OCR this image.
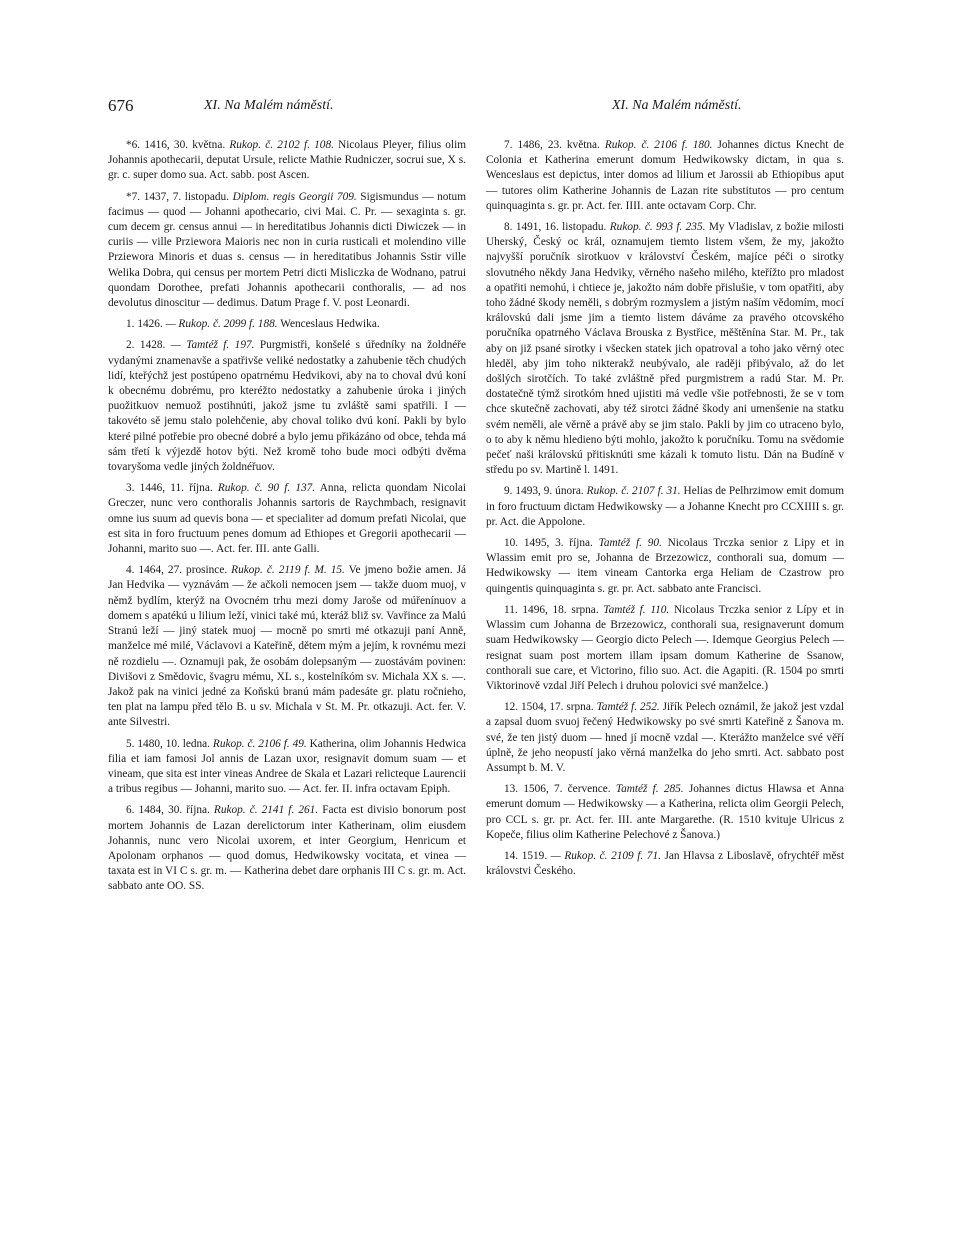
676	XI. Na Malém náměstí.	XI. Na Malém náměstí.

*6. 1416, 30. května. Rukop. č. 2102 f. 108. Nicolaus Pleyer, filius olim Johannis apothecarii, deputat Ursule, relicte Mathie Rudniczer, socrui sue, X s. gr. c. super domo sua. Act. sabb. post Ascen.

*7. 1437, 7. listopadu. Diplom. regis Georgii 709. Sigismundus — notum facimus — quod — Johanni apothecario, civi Mai. C. Pr. — sexaginta s. gr. cum decem gr. census annui — in hereditatibus Johannis dicti Diwiczek — in curiis — ville Przіewora Maioris nec non in curia rusticali et molendino ville Przіewora Minoris et duas s. census — in hereditatibus Johannis Sstir ville Welika Dobra, qui census per mortem Petri dicti Misliczka de Wodnano, patrui quondam Dorothee, prefati Johannis apothecarii conthoralis, — ad nos devolutus dinoscitur — dedimus. Datum Prage f. V. post Leonardi.

1. 1426. — Rukop. č. 2099 f. 188. Wenceslaus Hedwika.

2. 1428. — Tamtéž f. 197. Purgmistři, konšelé s úředníky na žoldnéře vydanými znamenavše a spatřivše veliké nedostatky a zahubenie těch chudých lidí, kteřýchž jest postúpeno opatrnému Hedvikovi, aby na to choval dvú koní k obecnému dobrému, pro kteréžto nedostatky a zahubenie úroka i jiných puožitkuov nemuož postihnúti, jakož jsme tu zvláště sami spatřili. I — takovéto sě jemu stalo polehčenie, aby choval toliko dvú koní. Pakli by bylo které pilné potřebie pro obecné dobré a bylo jemu přikázáno od obce, tehda má sám třetí k výjezdě hotov býti. Než kromě toho bude moci odbýti dvěma tovaryšoma vedle jiných žoldnéřuov.

3. 1446, 11. října. Rukop. č. 90 f. 137. Anna, relicta quondam Nicolai Greczer, nunc vero conthoralis Johannis sartoris de Raychmbach, resignavit omne ius suum ad quevis bona — et specialiter ad domum prefati Nicolai, que est sita in foro fructuum penes domum ad Ethiopes et Gregorii apothecarii — Johanni, marito suo —. Act. fer. III. ante Galli.

4. 1464, 27. prosince. Rukop. č. 2119 f. M. 15. Ve jmeno božie amen. Já Jan Hedvika — vyznávám — že ačkoli nemocen jsem — takže duom muoj, v němž bydlím, kterýž na Ovocném trhu mezi domy Jaroše od múřenínuov a domem s apatékú u lilium leží, vinici také mú, kteráž bliž sv. Vavřince za Malú Stranú leží — jiný statek muoj — mocně po smrti mé otkazuji paní Anně, manželce mé milé, Václavovi a Kateřině, dětem mým a jejím, k rovnému mezi ně rozdielu —. Oznamuji pak, že osobám dolepsaným — zuostávám povinen: Divišovi z Smědovic, švagru mému, XL s., kostelníkóm sv. Michala XX s. —. Jakož pak na vinici jedné za Koňskú branú mám padesáte gr. platu ročnieho, ten plat na lampu před tělo B. u sv. Michala v St. M. Pr. otkazuji. Act. fer. V. ante Silvestri.

5. 1480, 10. ledna. Rukop. č. 2106 f. 49. Katherina, olim Johannis Hedwica filia et iam famosi Jol annis de Lazan uxor, resignavit domum suam — et vineam, que sita est inter vineas Andree de Skala et Lazari relicteque Laurencii a tribus regibus — Johanni, marito suo. — Act. fer. II. infra octavam Epiph.

6. 1484, 30. října. Rukop. č. 2141 f. 261. Facta est divisio bonorum post mortem Johannis de Lazan derelictorum inter Katherinam, olim eiusdem Johannis, nunc vero Nicolai uxorem, et inter Georgium, Henricum et Apolonam orphanos — quod domus, Hedwikowsky vocitata, et vinea — taxata est in VI C s. gr. m. — Katherina debet dare orphanis III C s. gr. m. Act. sabbato ante OO. SS.

7. 1486, 23. května. Rukop. č. 2106 f. 180. Johannes dictus Knecht de Colonia et Katherina emerunt domum Hedwikowsky dictam, in qua s. Wenceslaus est depictus, inter domos ad lilium et Jarossii ab Ethiopibus aput — tutores olim Katherine Johannis de Lazan rite substitutos — pro centum quinquaginta s. gr. pr. Act. fer. IIII. ante octavam Corp. Chr.

8. 1491, 16. listopadu. Rukop. č. 993 f. 235. My Vladislav, z božie milosti Uherský, Český oc král, oznamujem tiemto listem všem, že my, jakožto najvyšší poručník sirotkuov v království Českém, majíce péči o sirotky slovutného někdy Jana Hedviky, věrného našeho milého, kteřížto pro mladost a opatřiti nemohú, i chtiece je, jakožto nám dobře přislušie, v tom opatřiti, aby toho žádné škody neměli, s dobrým rozmyslem a jistým naším vědomím, mocí královskú dali jsme jim a tiemto listem dáváme za pravého otcovského poručníka opatrného Václava Brouska z Bystřice, měštěnína Star. M. Pr., tak aby on již psané sirotky i všecken statek jich opatroval a toho jako věrný otec hleděl, aby jim toho nikterakž neubývalo, ale raději přibývalo, až do let došlých sirotčích. To také zvláštně před purgmistrem a radú Star. M. Pr. dostatečně týmž sirotkóm hned ujistiti má vedle všie potřebnosti, že se v tom chce skutečně zachovati, aby též sirotci žádné škody ani umenšenie na statku svém neměli, ale věrně a právě aby se jim stalo. Pakli by jim co utraceno bylo, o to aby k němu hledieno býti mohlo, jakožto k poručníku. Tomu na svědomie pečeť naši královskú přitisknúti sme kázali k tomuto listu. Dán na Budíně v středu po sv. Martině l. 1491.

9. 1493, 9. února. Rukop. č. 2107 f. 31. Helias de Pelhrzimow emit domum in foro fructuum dictam Hedwikowsky — a Johanne Knecht pro CCXIIII s. gr. pr. Act. die Appolone.

10. 1495, 3. října. Tamtéž f. 90. Nicolaus Trczka senior z Lipy et in Wlassim emit pro se, Johanna de Brzezowicz, conthorali sua, domum — Hedwikowsky — item vineam Cantorka erga Heliam de Czastrow pro quingentis quinquaginta s. gr. pr. Act. sabbato ante Francisci.

11. 1496, 18. srpna. Tamtéž f. 110. Nicolaus Trczka senior z Lípy et in Wlassim cum Johanna de Brzezowicz, conthorali sua, resignaverunt domum suam Hedwikowsky — Georgio dicto Pelech —. Idemque Georgius Pelech — resignat suam post mortem illam ipsam domum Katherine de Ssanow, conthorali sue care, et Victorino, filio suo. Act. die Agapiti. (R. 1504 po smrti Viktorinově vzdal Jiří Pelech i druhou polovici své manželce.)

12. 1504, 17. srpna. Tamtéž f. 252. Jiřík Pelech oznámil, že jakož jest vzdal a zapsal duom svuoj řečený Hedwikowsky po své smrti Kateřině z Šanova m. své, že ten jistý duom — hned jí mocně vzdal —. Kterážto manželce své věří úplně, že jeho neopustí jako věrná manželka do jeho smrti. Act. sabbato post Assumpt b. M. V.

13. 1506, 7. července. Tamtéž f. 285. Johannes dictus Hlawsa et Anna emerunt domum — Hedwikowsky — a Katherina, relicta olim Georgii Pelech, pro CCL s. gr. pr. Act. fer. III. ante Margarethe. (R. 1510 kvituje Ulricus z Kopeče, filius olim Katherine Pelechové z Šanova.)

14. 1519. — Rukop. č. 2109 f. 71. Jan Hlavsa z Liboslavě, ofrychtéř měst královstvi Českého.
